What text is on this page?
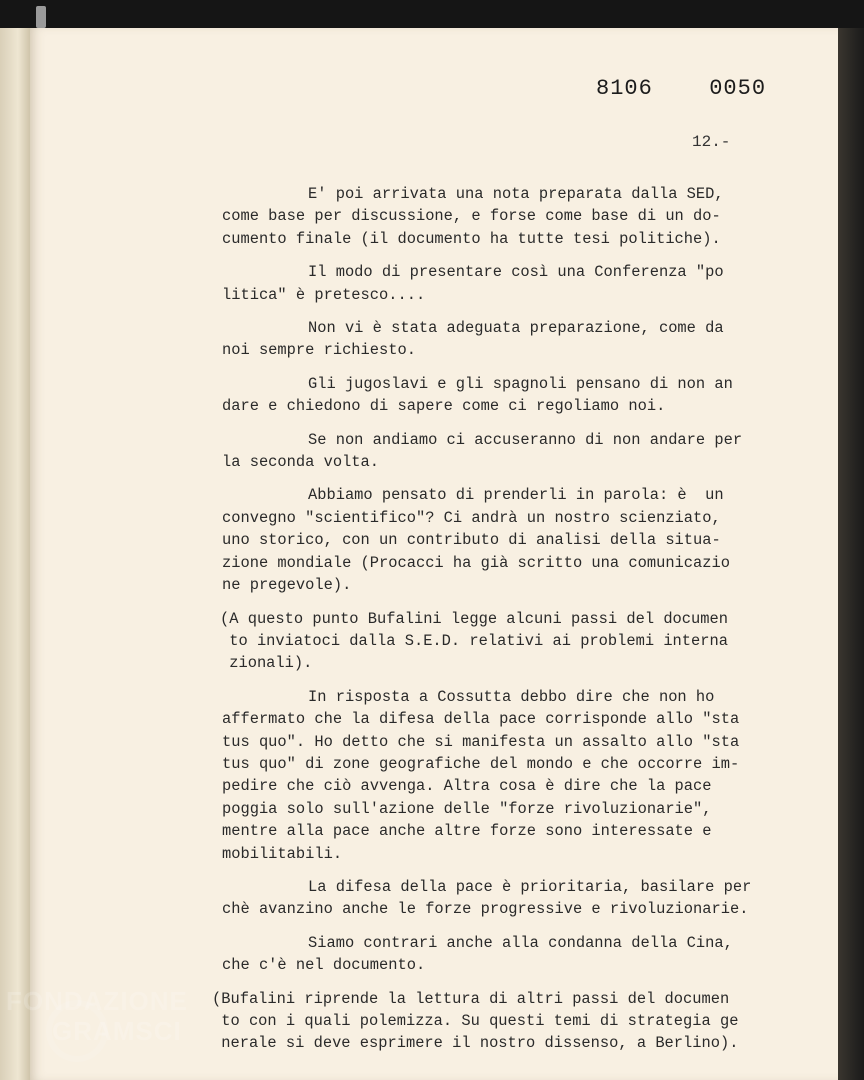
8106  0050
12.-
E' poi arrivata una nota preparata dalla SED,
come base per discussione, e forse come base di un do-
cumento finale (il documento ha tutte tesi politiche).
Il modo di presentare così una Conferenza "po
litica" è pretesco....
Non vi è stata adeguata preparazione, come da
noi sempre richiesto.
Gli jugoslavi e gli spagnoli pensano di non an
dare e chiedono di sapere come ci regoliamo noi.
Se non andiamo ci accuseranno di non andare per
la seconda volta.
Abbiamo pensato di prenderli in parola: è  un
convegno "scientifico"? Ci andrà un nostro scienziato,
uno storico, con un contributo di analisi della situa-
zione mondiale (Procacci ha già scritto una comunicazio
ne pregevole).
(A questo punto Bufalini legge alcuni passi del documen
to inviatoci dalla S.E.D. relativi ai problemi interna
zionali).
In risposta a Cossutta debbo dire che non ho
affermato che la difesa della pace corrisponde allo "sta
tus quo". Ho detto che si manifesta un assalto allo "sta
tus quo" di zone geografiche del mondo e che occorre im-
pedire che ciò avvenga. Altra cosa è dire che la pace
poggia solo sull'azione delle "forze rivoluzionarie",
mentre alla pace anche altre forze sono interessate e
mobilitabili.
La difesa della pace è prioritaria, basilare per
chè avanzino anche le forze progressive e rivoluzionarie.
Siamo contrari anche alla condanna della Cina,
che c'è nel documento.
(Bufalini riprende la lettura di altri passi del documen
to con i quali polemizza. Su questi temi di strategia ge
nerale si deve esprimere il nostro dissenso, a Berlino).
FONDAZIONE
GRAMSCI
